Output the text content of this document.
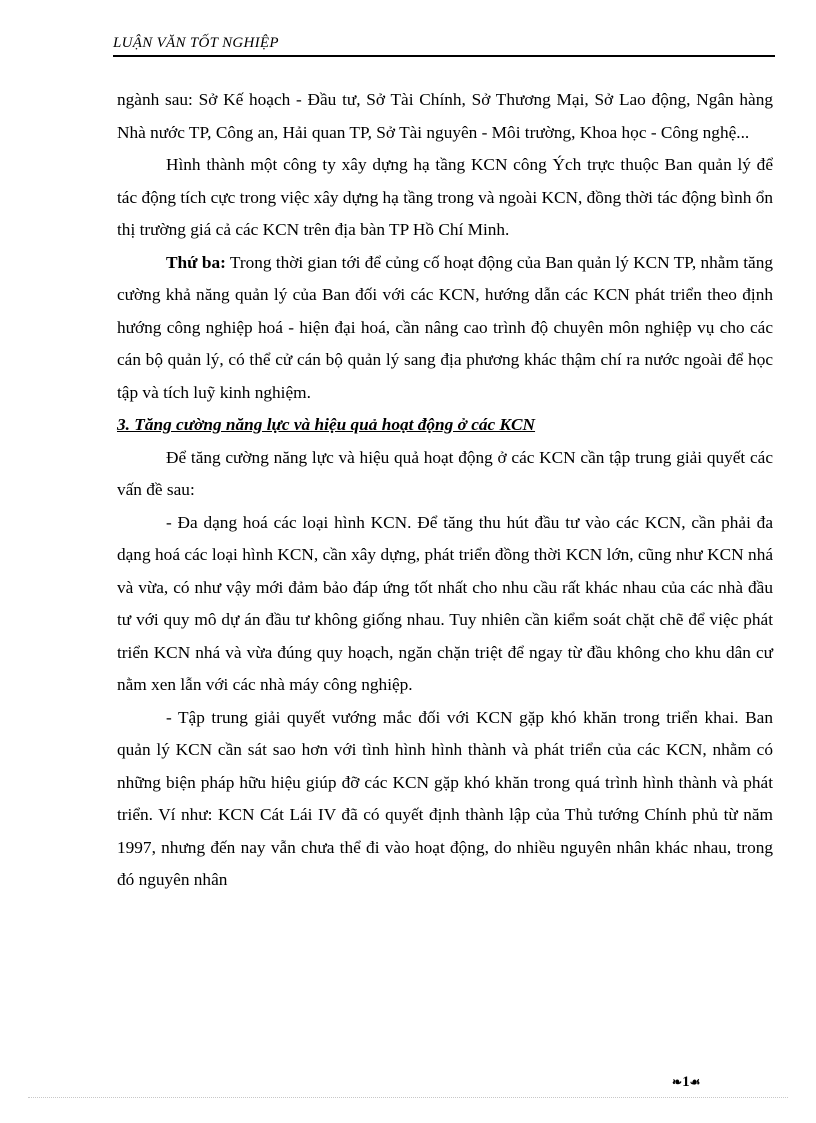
LUẬN VĂN TỐT NGHIỆP

ngành sau: Sở Kế hoạch - Đầu tư, Sở Tài Chính, Sở Thương Mại, Sở Lao động, Ngân hàng Nhà nước TP, Công an, Hải quan TP, Sở Tài nguyên - Môi trường, Khoa học - Công nghệ...

Hình thành một công ty xây dựng hạ tầng KCN công Ých trực thuộc Ban quản lý để tác động tích cực trong việc xây dựng hạ tầng trong và ngoài KCN, đồng thời tác động bình ổn thị trường giá cả các KCN trên địa bàn TP Hồ Chí Minh.

Thứ ba: Trong thời gian tới để củng cố hoạt động của Ban quản lý KCN TP, nhằm tăng cường khả năng quản lý của Ban đối với các KCN, hướng dẫn các KCN phát triển theo định hướng công nghiệp hoá - hiện đại hoá, cần nâng cao trình độ chuyên môn nghiệp vụ cho các cán bộ quản lý, có thể cử cán bộ quản lý sang địa phương khác thậm chí ra nước ngoài để học tập và tích luỹ kinh nghiệm.

3. Tăng cường năng lực và hiệu quả hoạt động ở các KCN

Để tăng cường năng lực và hiệu quả hoạt động ở các KCN cần tập trung giải quyết các vấn đề sau:

- Đa dạng hoá các loại hình KCN. Để tăng thu hút đầu tư vào các KCN, cần phải đa dạng hoá các loại hình KCN, cần xây dựng, phát triển đồng thời KCN lớn, cũng như KCN nhá và vừa, có như vậy mới đảm bảo đáp ứng tốt nhất cho nhu cầu rất khác nhau của các nhà đầu tư với quy mô dự án đầu tư không giống nhau. Tuy nhiên cần kiểm soát chặt chẽ để việc phát triển KCN nhá và vừa đúng quy hoạch, ngăn chặn triệt để ngay từ đầu không cho khu dân cư nằm xen lẫn với các nhà máy công nghiệp.

- Tập trung giải quyết vướng mắc đối với KCN gặp khó khăn trong triển khai. Ban quản lý KCN cần sát sao hơn với tình hình hình thành và phát triển của các KCN, nhằm có những biện pháp hữu hiệu giúp đỡ các KCN gặp khó khăn trong quá trình hình thành và phát triển. Ví như: KCN Cát Lái IV đã có quyết định thành lập của Thủ tướng Chính phủ từ năm 1997, nhưng đến nay vẫn chưa thể đi vào hoạt động, do nhiều nguyên nhân khác nhau, trong đó nguyên nhân

❧1☙
